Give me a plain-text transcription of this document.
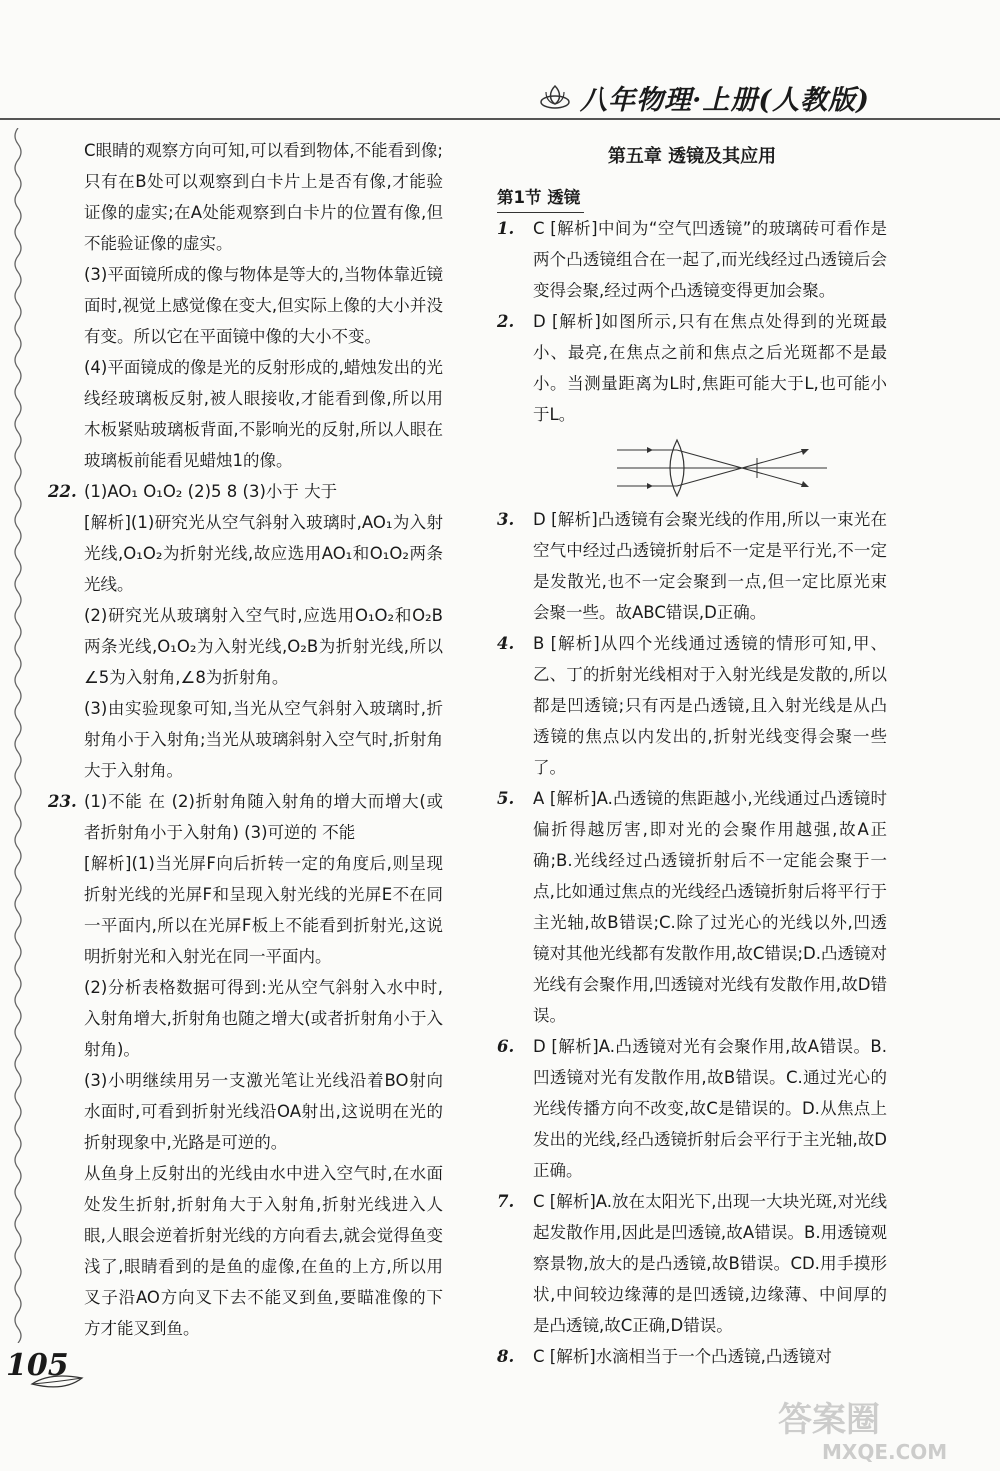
八年物理·上册(人教版)

C眼睛的观察方向可知,可以看到物体,不能看到像;只有在B处可以观察到白卡片上是否有像,才能验证像的虚实;在A处能观察到白卡片的位置有像,但不能验证像的虚实。

(3)平面镜所成的像与物体是等大的,当物体靠近镜面时,视觉上感觉像在变大,但实际上像的大小并没有变。所以它在平面镜中像的大小不变。

(4)平面镜成的像是光的反射形成的,蜡烛发出的光线经玻璃板反射,被人眼接收,才能看到像,所以用木板紧贴玻璃板背面,不影响光的反射,所以人眼在玻璃板前能看见蜡烛1的像。

22. (1)AO₁ O₁O₂ (2)5 8 (3)小于 大于

[解析](1)研究光从空气斜射入玻璃时,AO₁为入射光线,O₁O₂为折射光线,故应选用AO₁和O₁O₂两条光线。

(2)研究光从玻璃射入空气时,应选用O₁O₂和O₂B两条光线,O₁O₂为入射光线,O₂B为折射光线,所以∠5为入射角,∠8为折射角。

(3)由实验现象可知,当光从空气斜射入玻璃时,折射角小于入射角;当光从玻璃斜射入空气时,折射角大于入射角。

23. (1)不能 在 (2)折射角随入射角的增大而增大(或者折射角小于入射角) (3)可逆的 不能

[解析](1)当光屏F向后折转一定的角度后,则呈现折射光线的光屏F和呈现入射光线的光屏E不在同一平面内,所以在光屏F板上不能看到折射光,这说明折射光和入射光在同一平面内。

(2)分析表格数据可得到:光从空气斜射入水中时,入射角增大,折射角也随之增大(或者折射角小于入射角)。

(3)小明继续用另一支激光笔让光线沿着BO射向水面时,可看到折射光线沿OA射出,这说明在光的折射现象中,光路是可逆的。

从鱼身上反射出的光线由水中进入空气时,在水面处发生折射,折射角大于入射角,折射光线进入人眼,人眼会逆着折射光线的方向看去,就会觉得鱼变浅了,眼睛看到的是鱼的虚像,在鱼的上方,所以用叉子沿AO方向叉下去不能叉到鱼,要瞄准像的下方才能叉到鱼。

第五章 透镜及其应用
第1节 透镜
1. C [解析]中间为“空气凹透镜”的玻璃砖可看作是两个凸透镜组合在一起了,而光线经过凸透镜后会变得会聚,经过两个凸透镜变得更加会聚。
2. D [解析]如图所示,只有在焦点处得到的光斑最小、最亮,在焦点之前和焦点之后光斑都不是最小。当测量距离为L时,焦距可能大于L,也可能小于L。
3. D [解析]凸透镜有会聚光线的作用,所以一束光在空气中经过凸透镜折射后不一定是平行光,不一定是发散光,也不一定会聚到一点,但一定比原光束会聚一些。故ABC错误,D正确。
4. B [解析]从四个光线通过透镜的情形可知,甲、乙、丁的折射光线相对于入射光线是发散的,所以都是凹透镜;只有丙是凸透镜,且入射光线是从凸透镜的焦点以内发出的,折射光线变得会聚一些了。
5. A [解析]A.凸透镜的焦距越小,光线通过凸透镜时偏折得越厉害,即对光的会聚作用越强,故A正确;B.光线经过凸透镜折射后不一定能会聚于一点,比如通过焦点的光线经凸透镜折射后将平行于主光轴,故B错误;C.除了过光心的光线以外,凹透镜对其他光线都有发散作用,故C错误;D.凸透镜对光线有会聚作用,凹透镜对光线有发散作用,故D错误。
6. D [解析]A.凸透镜对光有会聚作用,故A错误。B.凹透镜对光有发散作用,故B错误。C.通过光心的光线传播方向不改变,故C是错误的。D.从焦点上发出的光线,经凸透镜折射后会平行于主光轴,故D正确。
7. C [解析]A.放在太阳光下,出现一大块光斑,对光线起发散作用,因此是凹透镜,故A错误。B.用透镜观察景物,放大的是凸透镜,故B错误。CD.用手摸形状,中间较边缘薄的是凹透镜,边缘薄、中间厚的是凸透镜,故C正确,D错误。
8. C [解析]水滴相当于一个凸透镜,凸透镜对
105
答案圈
MXQE.COM
